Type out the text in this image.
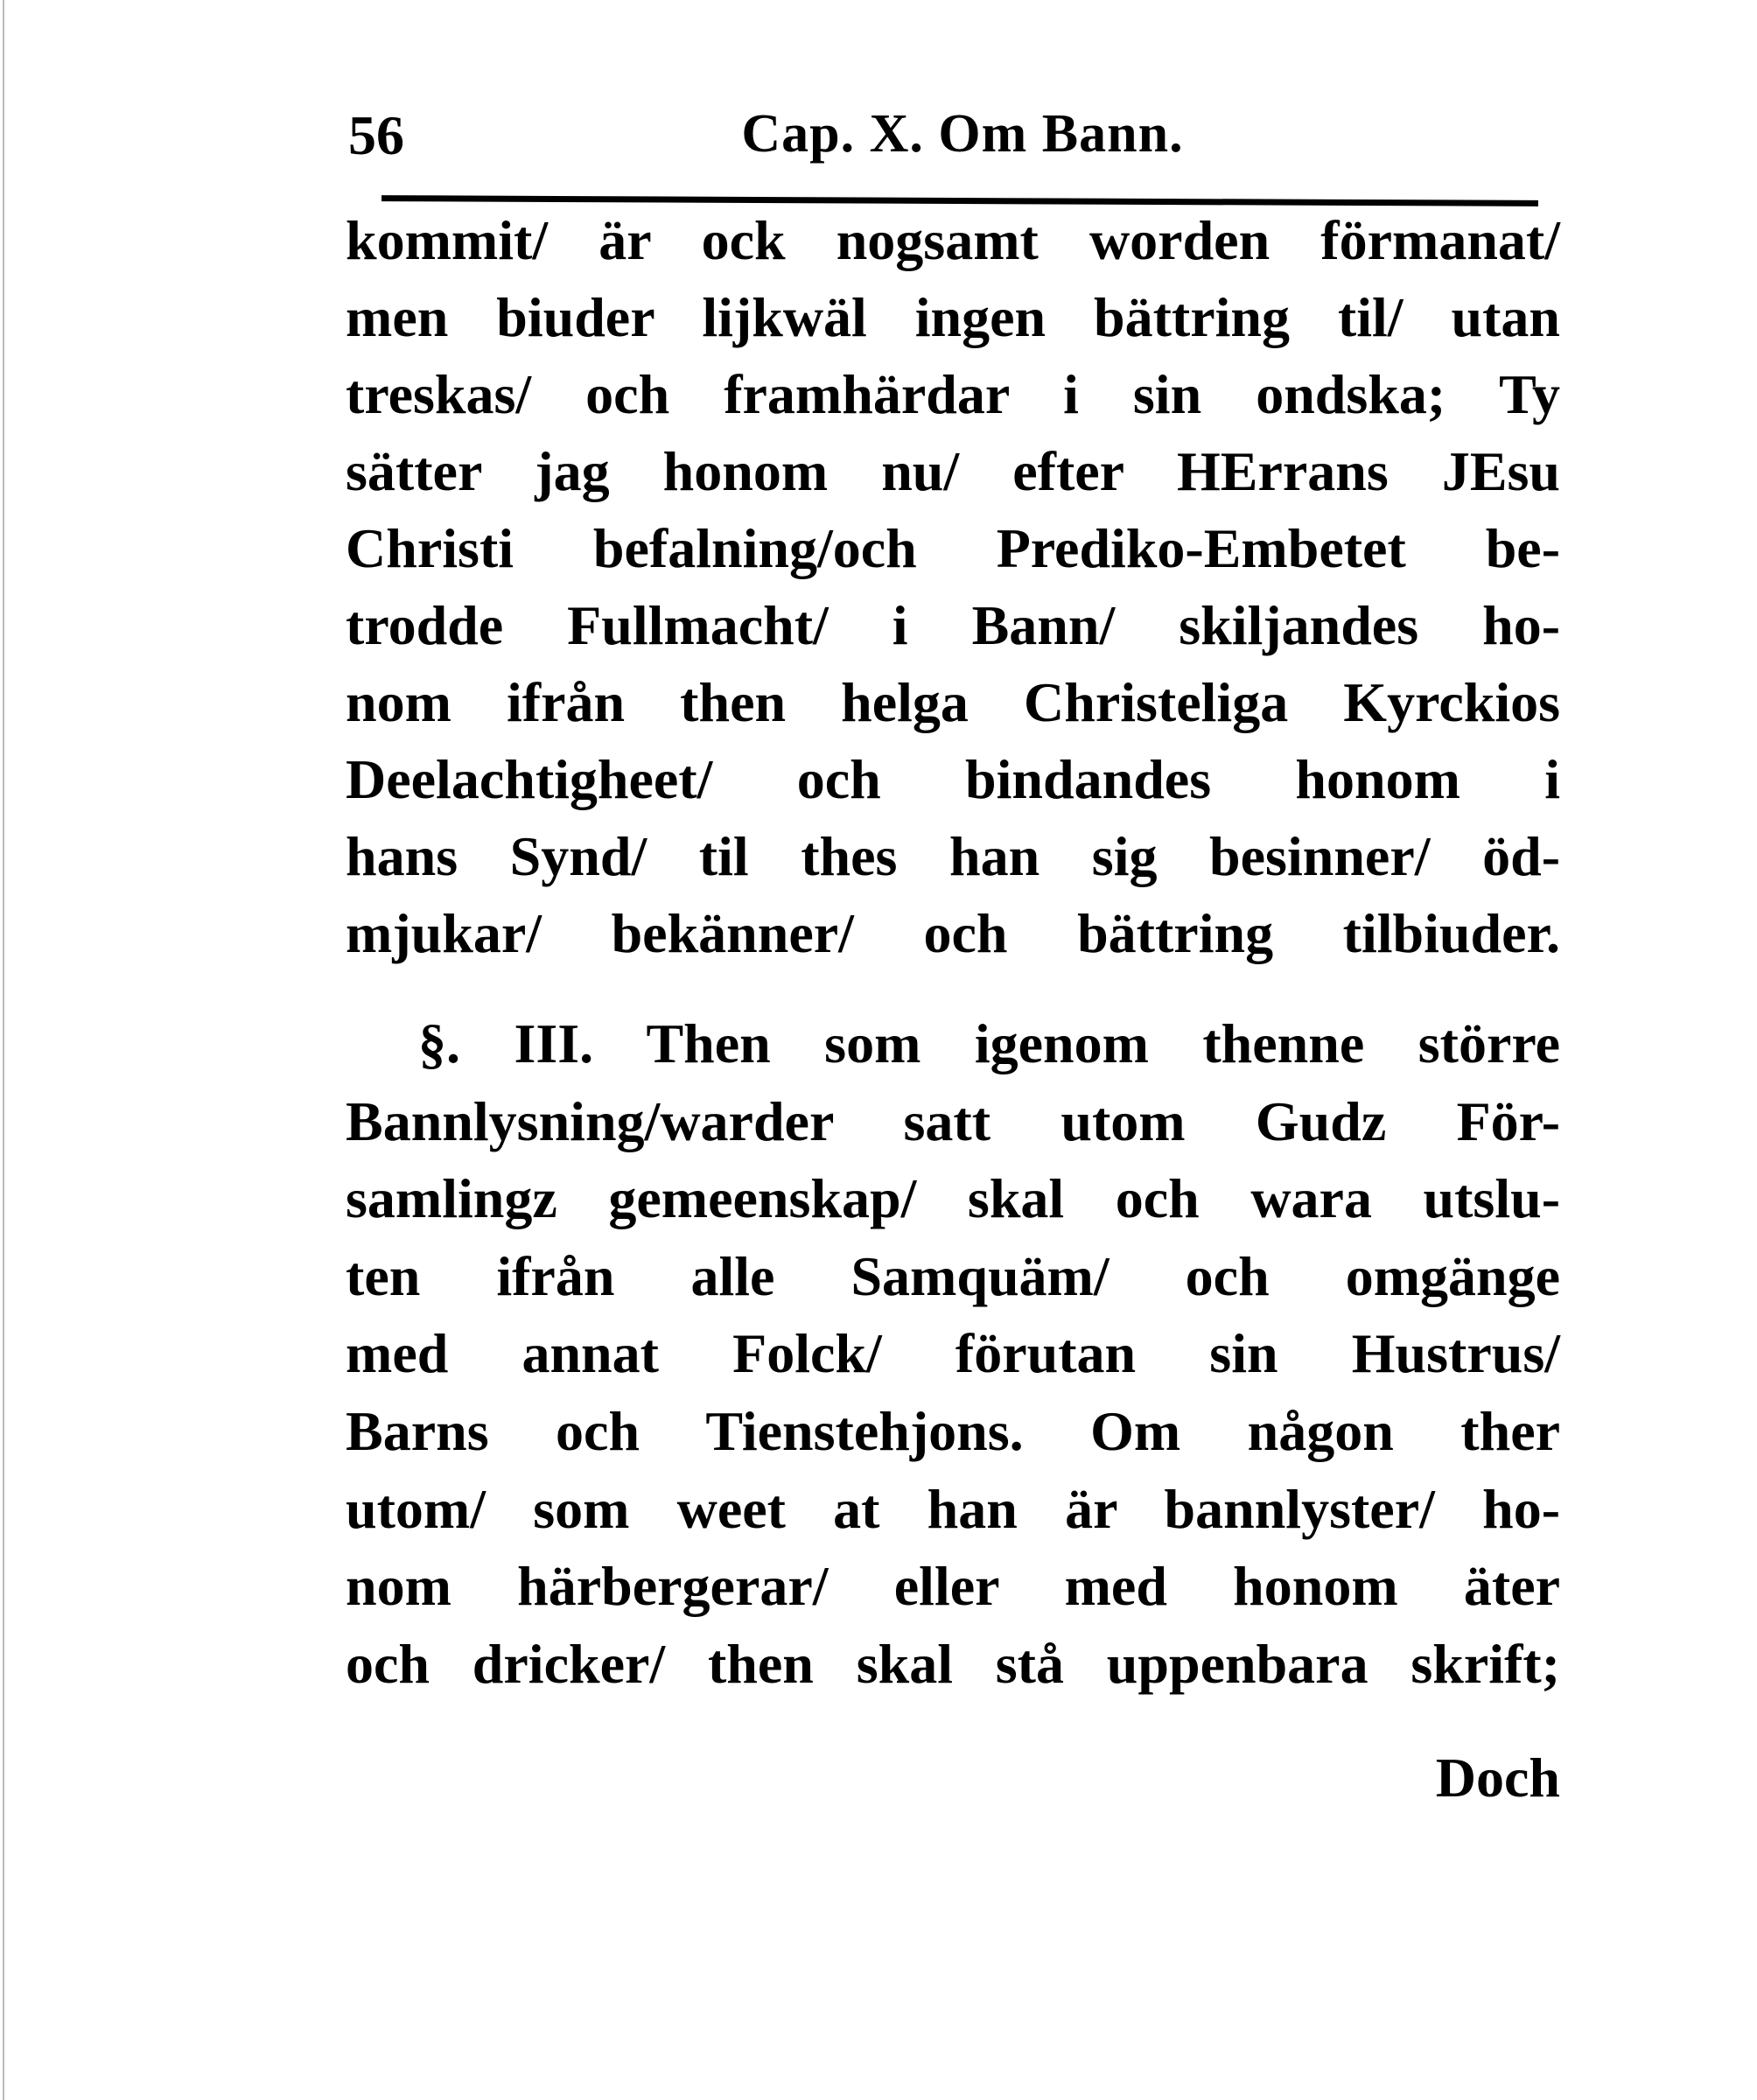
56	Cap. X. Om Bann.
kommit/ är ock nogsamt worden förmanat/
men biuder lijkwäl ingen bättring til/ utan
treskas/ och framhärdar i sin ondska; Ty
sätter jag honom nu/ efter HErrans JEsu
Christi befalning/och Prediko-Embetet be-
trodde Fullmacht/ i Bann/ skiljandes ho-
nom ifrån then helga Christeliga Kyrckios
Deelachtigheet/ och bindandes honom i
hans Synd/ til thes han sig besinner/ öd-
mjukar/ bekänner/ och bättring tilbiuder.
§. III. Then som igenom thenne större
Bannlysning/warder satt utom Gudz För-
samlingz gemeenskap/ skal och wara utslu-
ten ifrån alle Samquäm/ och omgänge
med annat Folck/ förutan sin Hustrus/
Barns och Tienstehjons. Om någon ther
utom/ som weet at han är bannlyster/ ho-
nom härbergerar/ eller med honom äter
och dricker/ then skal stå uppenbara skrift;
Doch
